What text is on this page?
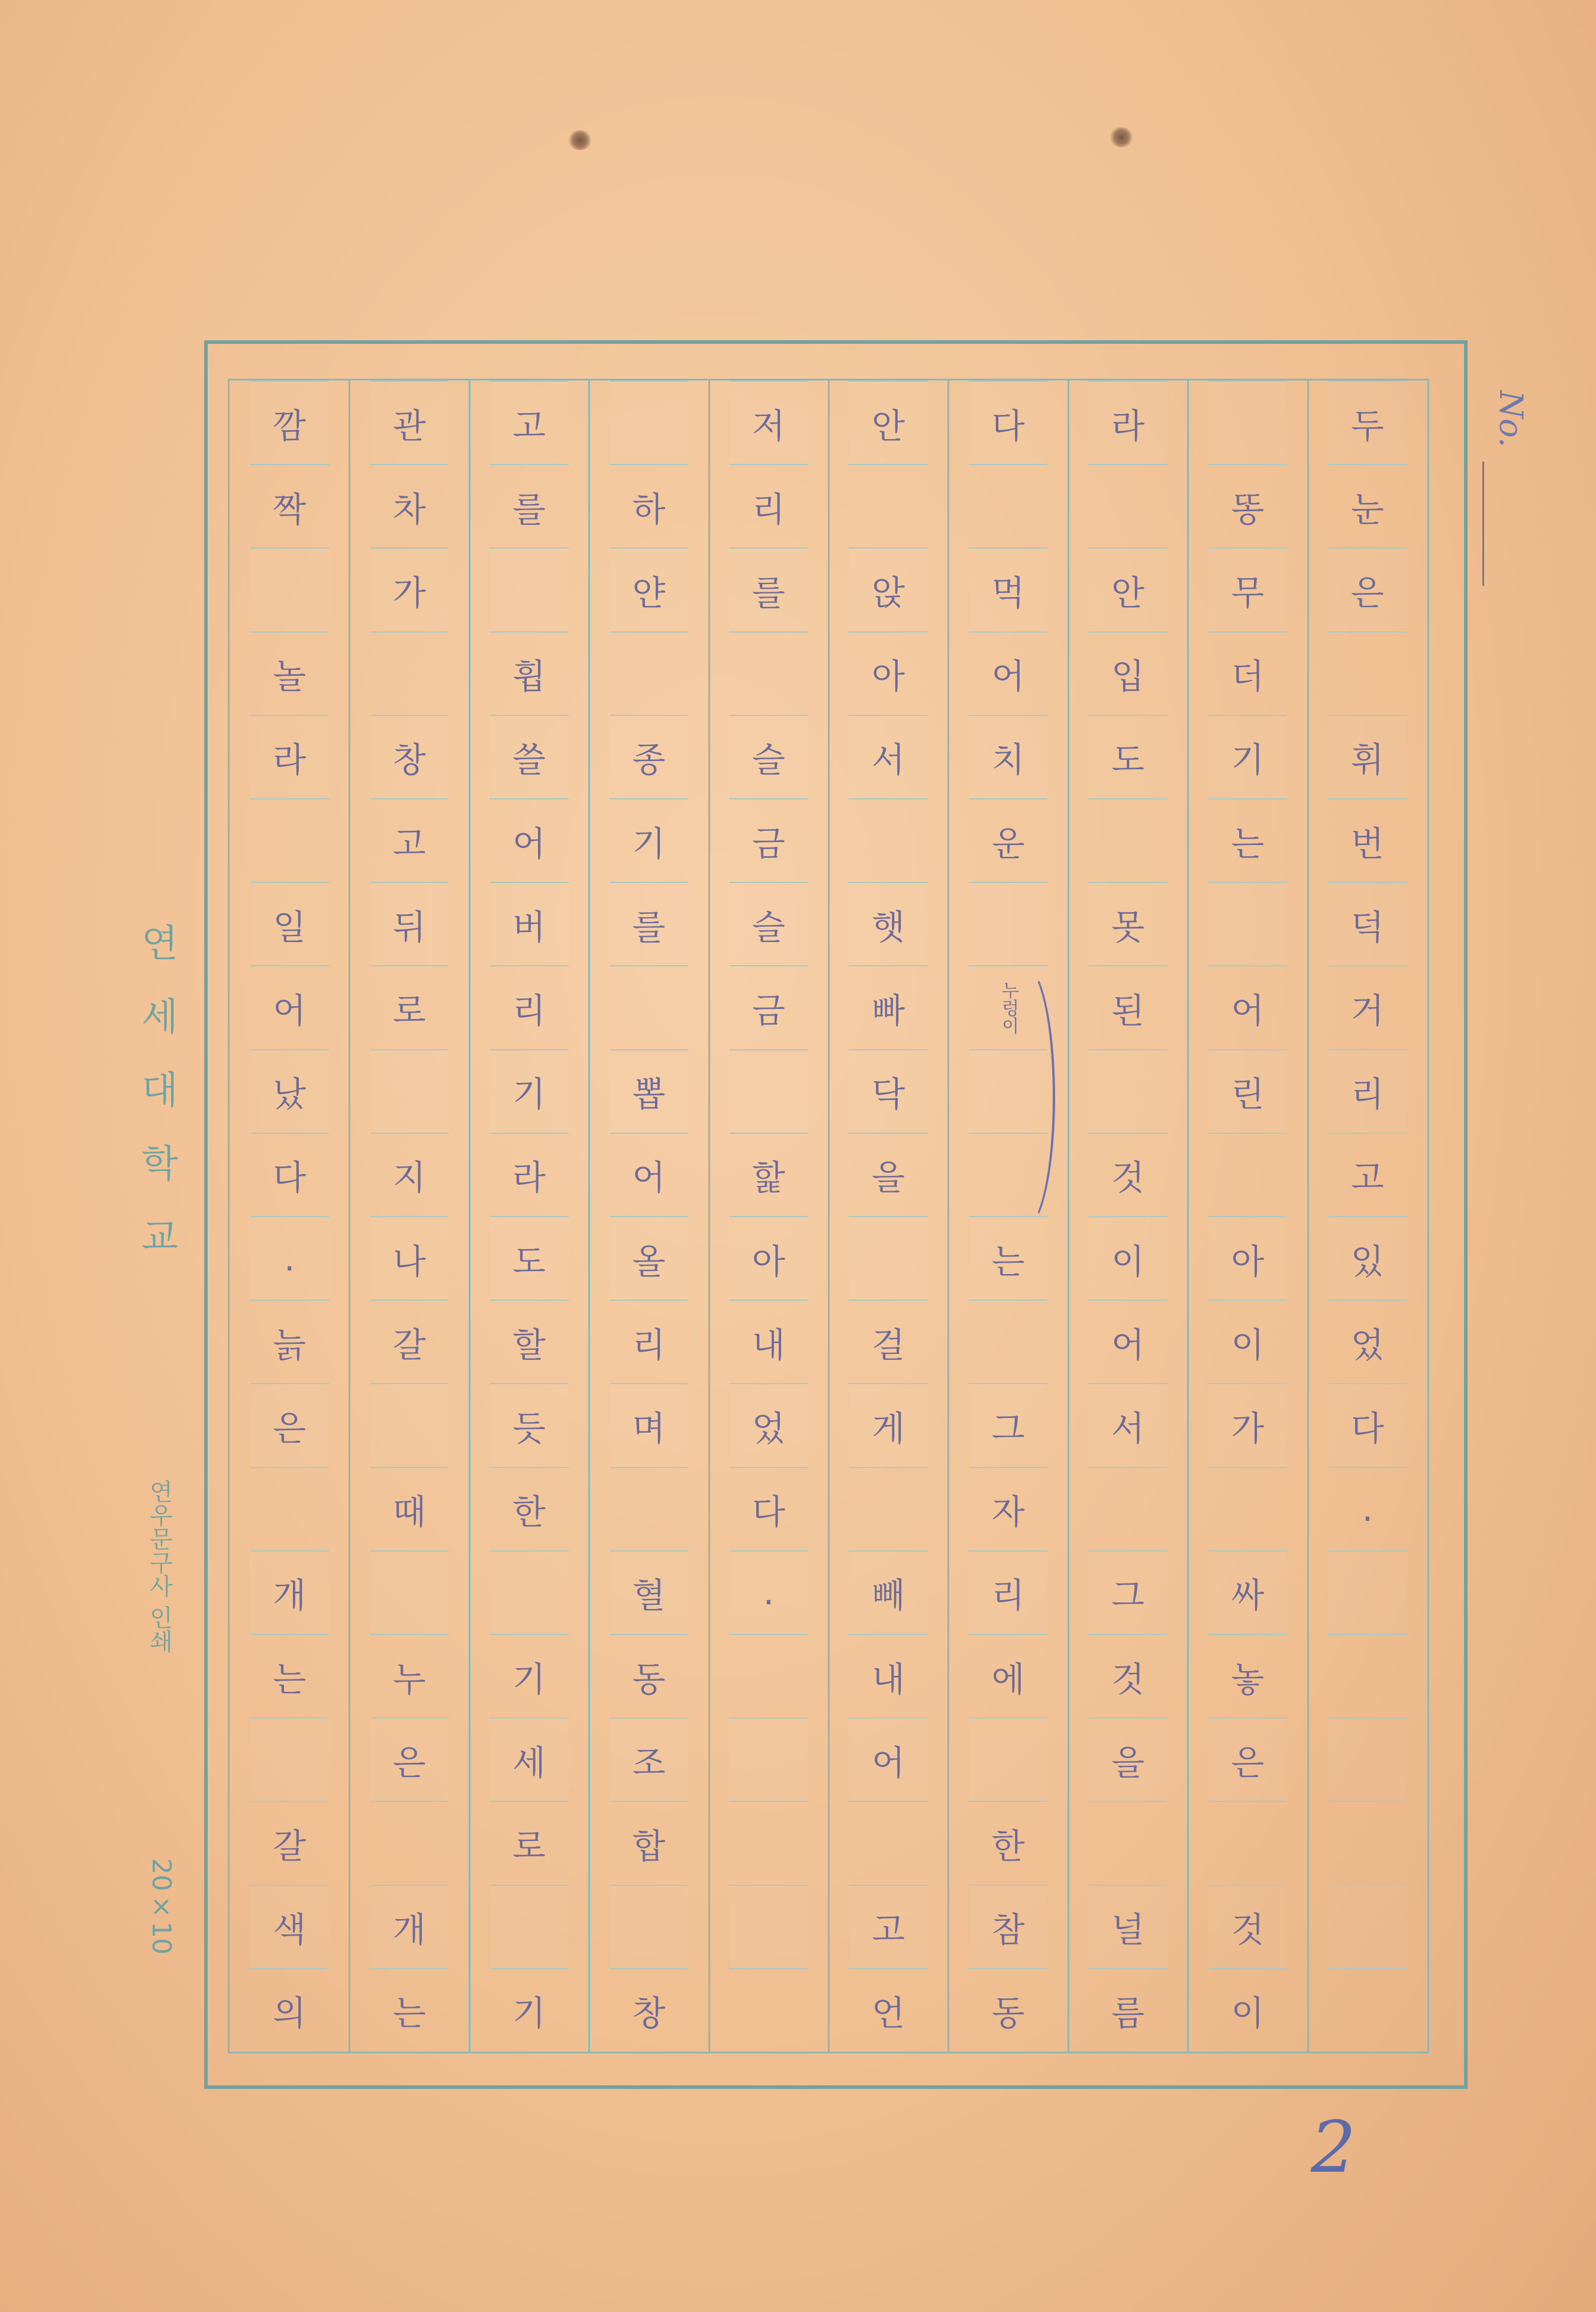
두
눈
은
휘
번
덕
거
리
고
있
었
다
.
똥
무
더
기
는
어
린
아
이
가
싸
놓
은
것
이
라
안
입
도
못
된
것
이
어
서
그
것
을
널
름
다
먹
어
치
운
누렁이
는
그
자
리
에
한
참
동
안
앉
아
서
햇
빠
닥
을
걸
게
빼
내
어
고
언
저
리
를
슬
금
슬
금
핥
아
내
었
다
.
하
얀
종
기
를
뽑
어
올
리
며
혈
동
조
합
창
고
를
휩
쓸
어
버
리
기
라
도
할
듯
한
기
세
로
기
관
차
가
창
고
뒤
로
지
나
갈
때
누
은
개
는
깜
짝
놀
라
일
어
났
다
.
늙
은
개
는
갈
색
의
No.
연세대학교
연우문구사 인쇄
20×10
2
